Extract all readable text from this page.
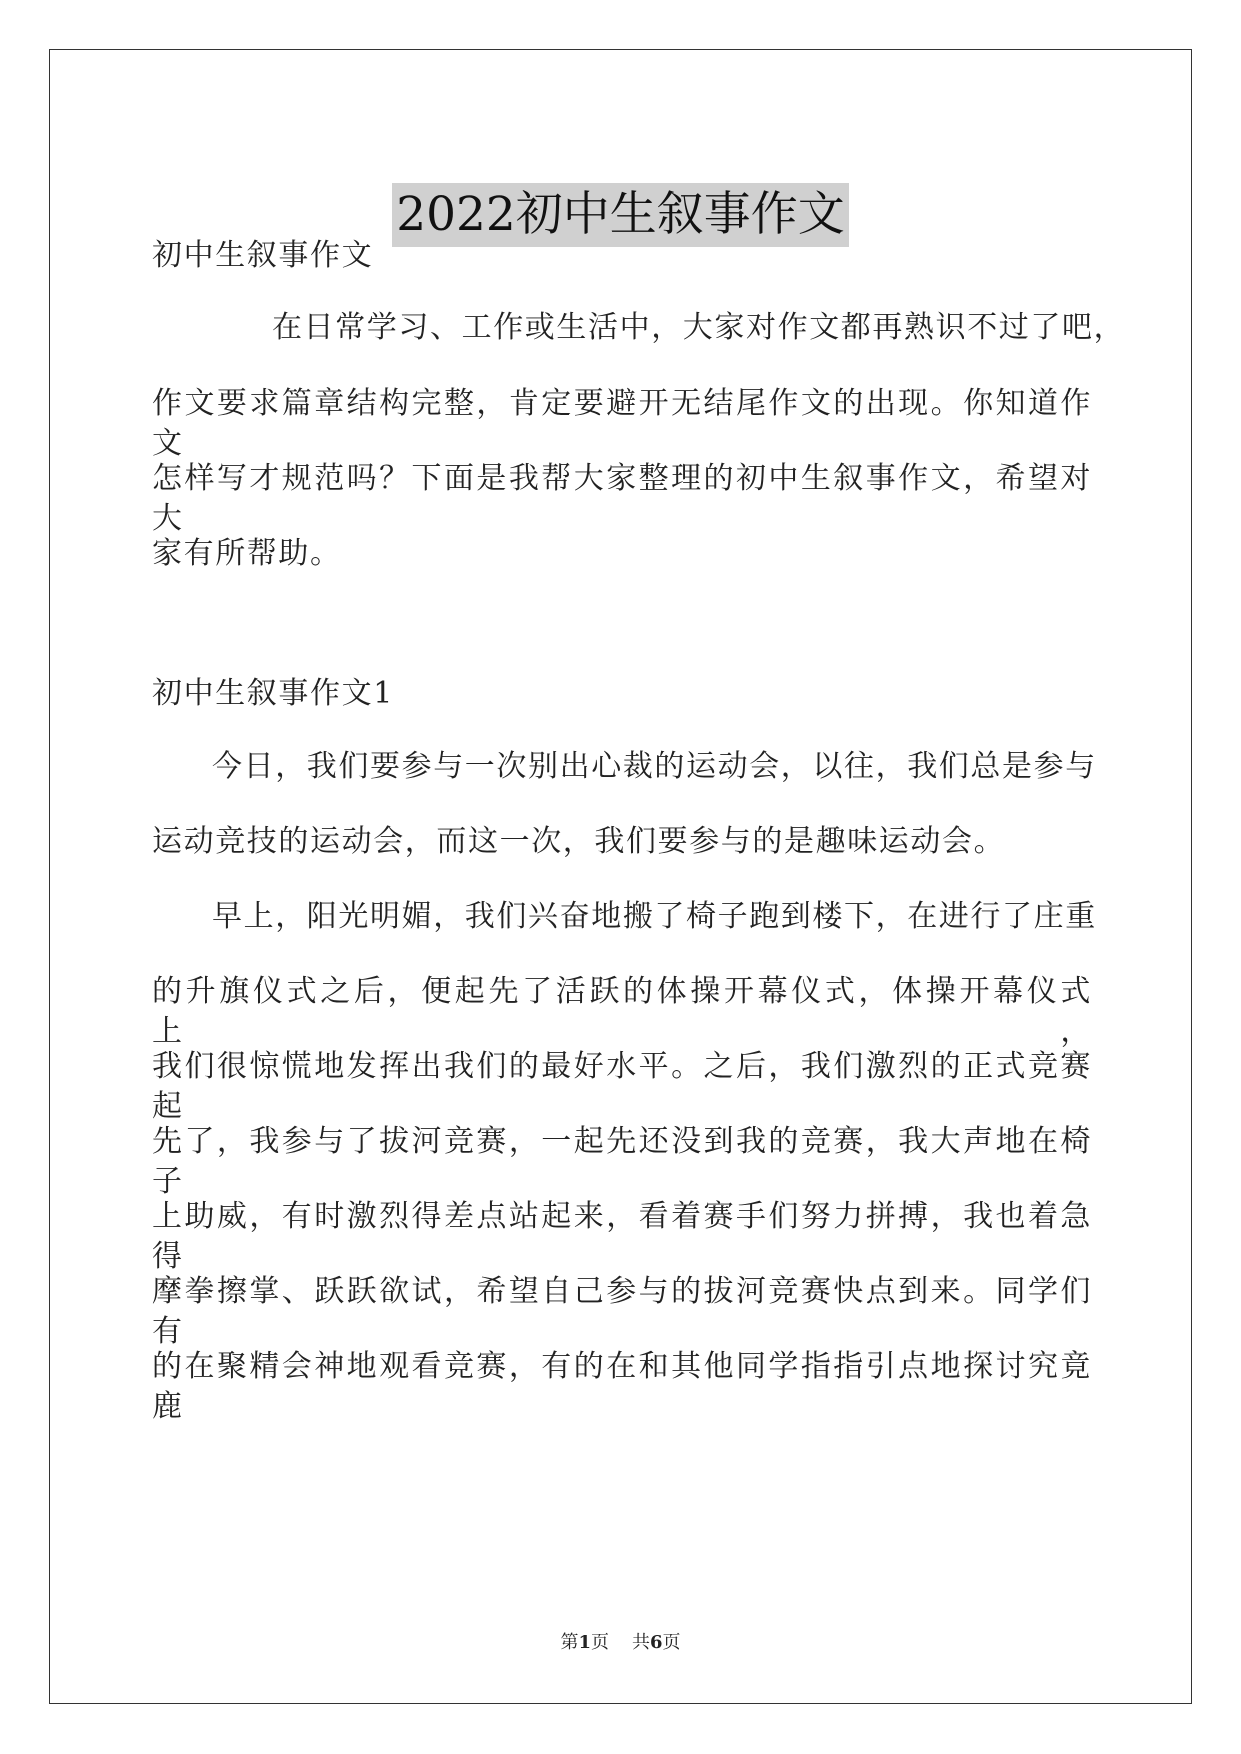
2022初中生叙事作文

初中生叙事作文

在日常学习、工作或生活中，大家对作文都再熟识不过了吧，

作文要求篇章结构完整，肯定要避开无结尾作文的出现。你知道作文

怎样写才规范吗？下面是我帮大家整理的初中生叙事作文，希望对大

家有所帮助。

初中生叙事作文1

今日，我们要参与一次别出心裁的运动会，以往，我们总是参与

运动竞技的运动会，而这一次，我们要参与的是趣味运动会。

早上，阳光明媚，我们兴奋地搬了椅子跑到楼下，在进行了庄重

的升旗仪式之后，便起先了活跃的体操开幕仪式，体操开幕仪式上，

我们很惊慌地发挥出我们的最好水平。之后，我们激烈的正式竞赛起

先了，我参与了拔河竞赛，一起先还没到我的竞赛，我大声地在椅子

上助威，有时激烈得差点站起来，看着赛手们努力拼搏，我也着急得

摩拳擦掌、跃跃欲试，希望自己参与的拔河竞赛快点到来。同学们有

的在聚精会神地观看竞赛，有的在和其他同学指指引点地探讨究竟鹿

第1页 共6页
